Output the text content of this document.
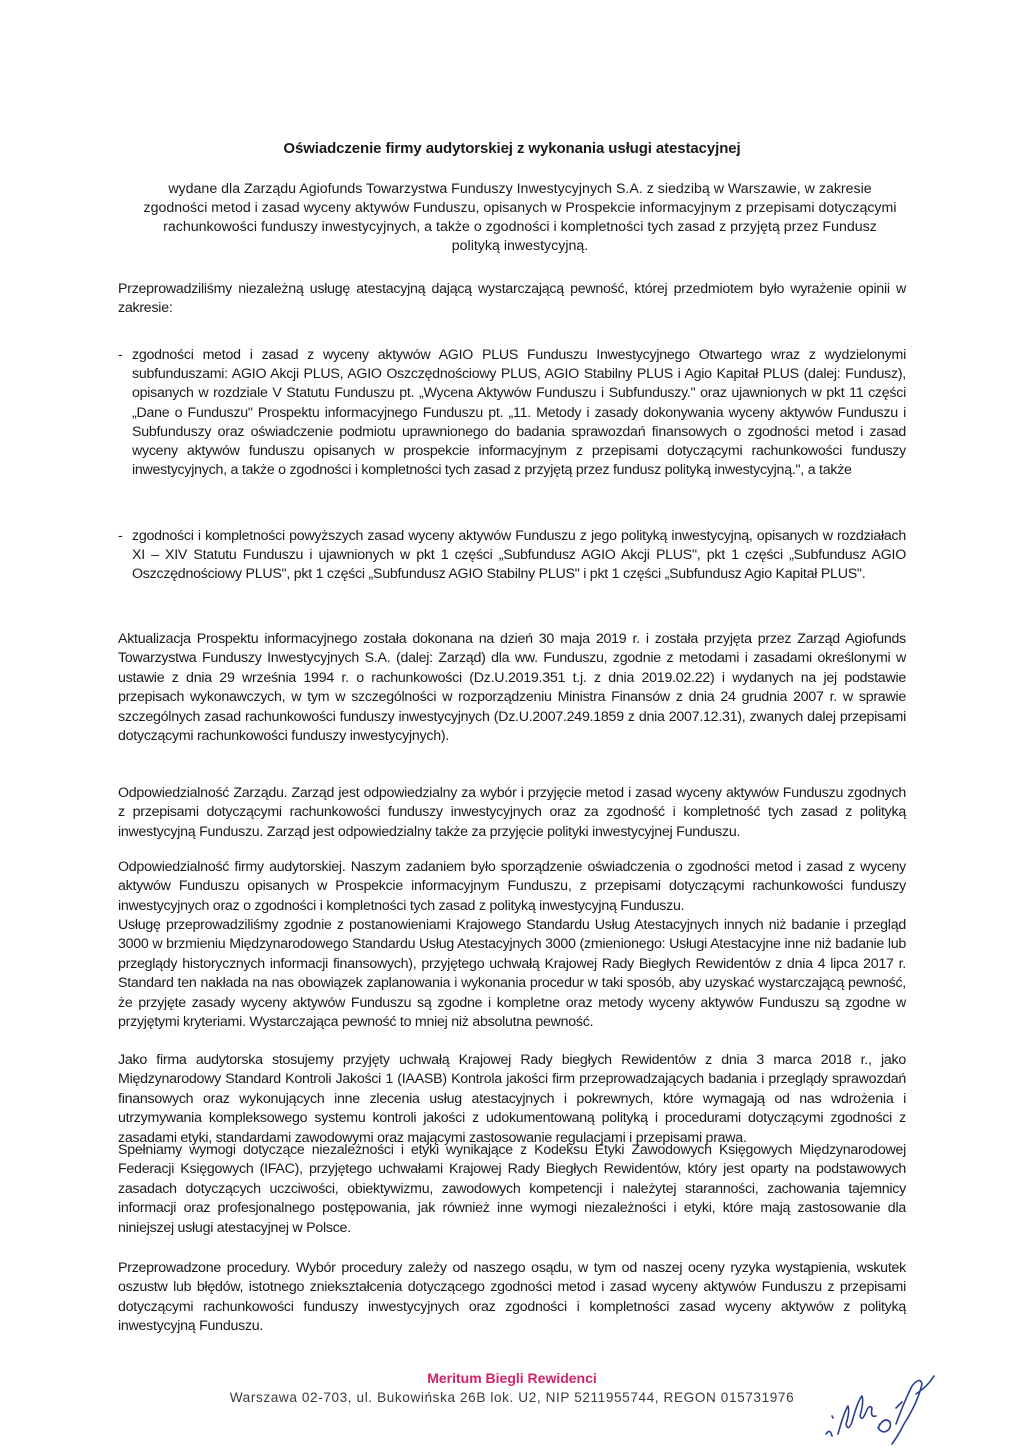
Oświadczenie firmy audytorskiej z wykonania usługi atestacyjnej
wydane dla Zarządu Agiofunds Towarzystwa Funduszy Inwestycyjnych S.A. z siedzibą w Warszawie, w zakresie zgodności metod i zasad wyceny aktywów Funduszu, opisanych w Prospekcie informacyjnym z przepisami dotyczącymi rachunkowości funduszy inwestycyjnych, a także o zgodności i kompletności tych zasad z przyjętą przez Fundusz polityką inwestycyjną.
Przeprowadziliśmy niezależną usługę atestacyjną dającą wystarczającą pewność, której przedmiotem było wyrażenie opinii w zakresie:
- zgodności metod i zasad z wyceny aktywów AGIO PLUS Funduszu Inwestycyjnego Otwartego wraz z wydzielonymi subfunduszami: AGIO Akcji PLUS, AGIO Oszczędnościowy PLUS, AGIO Stabilny PLUS i Agio Kapitał PLUS (dalej: Fundusz), opisanych w rozdziale V Statutu Funduszu pt. „Wycena Aktywów Funduszu i Subfunduszy." oraz ujawnionych w pkt 11 części „Dane o Funduszu" Prospektu informacyjnego Funduszu pt. „11. Metody i zasady dokonywania wyceny aktywów Funduszu i Subfunduszy oraz oświadczenie podmiotu uprawnionego do badania sprawozdań finansowych o zgodności metod i zasad wyceny aktywów funduszu opisanych w prospekcie informacyjnym z przepisami dotyczącymi rachunkowości funduszy inwestycyjnych, a także o zgodności i kompletności tych zasad z przyjętą przez fundusz polityką inwestycyjną.", a także
- zgodności i kompletności powyższych zasad wyceny aktywów Funduszu z jego polityką inwestycyjną, opisanych w rozdziałach XI – XIV Statutu Funduszu i ujawnionych w pkt 1 części „Subfundusz AGIO Akcji PLUS", pkt 1 części „Subfundusz AGIO Oszczędnościowy PLUS", pkt 1 części „Subfundusz AGIO Stabilny PLUS" i pkt 1 części „Subfundusz Agio Kapitał PLUS".
Aktualizacja Prospektu informacyjnego została dokonana na dzień 30 maja 2019 r. i została przyjęta przez Zarząd Agiofunds Towarzystwa Funduszy Inwestycyjnych S.A. (dalej: Zarząd) dla ww. Funduszu, zgodnie z metodami i zasadami określonymi w ustawie z dnia 29 września 1994 r. o rachunkowości (Dz.U.2019.351 t.j. z dnia 2019.02.22) i wydanych na jej podstawie przepisach wykonawczych, w tym w szczególności w rozporządzeniu Ministra Finansów z dnia 24 grudnia 2007 r. w sprawie szczególnych zasad rachunkowości funduszy inwestycyjnych (Dz.U.2007.249.1859 z dnia 2007.12.31), zwanych dalej przepisami dotyczącymi rachunkowości funduszy inwestycyjnych).
Odpowiedzialność Zarządu. Zarząd jest odpowiedzialny za wybór i przyjęcie metod i zasad wyceny aktywów Funduszu zgodnych z przepisami dotyczącymi rachunkowości funduszy inwestycyjnych oraz za zgodność i kompletność tych zasad z polityką inwestycyjną Funduszu. Zarząd jest odpowiedzialny także za przyjęcie polityki inwestycyjnej Funduszu.
Odpowiedzialność firmy audytorskiej. Naszym zadaniem było sporządzenie oświadczenia o zgodności metod i zasad z wyceny aktywów Funduszu opisanych w Prospekcie informacyjnym Funduszu, z przepisami dotyczącymi rachunkowości funduszy inwestycyjnych oraz o zgodności i kompletności tych zasad z polityką inwestycyjną Funduszu.
Usługę przeprowadziliśmy zgodnie z postanowieniami Krajowego Standardu Usług Atestacyjnych innych niż badanie i przegląd 3000 w brzmieniu Międzynarodowego Standardu Usług Atestacyjnych 3000 (zmienionego: Usługi Atestacyjne inne niż badanie lub przeglądy historycznych informacji finansowych), przyjętego uchwałą Krajowej Rady Biegłych Rewidentów z dnia 4 lipca 2017 r. Standard ten nakłada na nas obowiązek zaplanowania i wykonania procedur w taki sposób, aby uzyskać wystarczającą pewność, że przyjęte zasady wyceny aktywów Funduszu są zgodne i kompletne oraz metody wyceny aktywów Funduszu są zgodne w przyjętymi kryteriami. Wystarczająca pewność to mniej niż absolutna pewność.
Jako firma audytorska stosujemy przyjęty uchwałą Krajowej Rady biegłych Rewidentów z dnia 3 marca 2018 r., jako Międzynarodowy Standard Kontroli Jakości 1 (IAASB) Kontrola jakości firm przeprowadzających badania i przeglądy sprawozdań finansowych oraz wykonujących inne zlecenia usług atestacyjnych i pokrewnych, które wymagają od nas wdrożenia i utrzymywania kompleksowego systemu kontroli jakości z udokumentowaną polityką i procedurami dotyczącymi zgodności z zasadami etyki, standardami zawodowymi oraz mającymi zastosowanie regulacjami i przepisami prawa.
Spełniamy wymogi dotyczące niezależności i etyki wynikające z Kodeksu Etyki Zawodowych Księgowych Międzynarodowej Federacji Księgowych (IFAC), przyjętego uchwałami Krajowej Rady Biegłych Rewidentów, który jest oparty na podstawowych zasadach dotyczących uczciwości, obiektywizmu, zawodowych kompetencji i należytej staranności, zachowania tajemnicy informacji oraz profesjonalnego postępowania, jak również inne wymogi niezależności i etyki, które mają zastosowanie dla niniejszej usługi atestacyjnej w Polsce.
Przeprowadzone procedury. Wybór procedury zależy od naszego osądu, w tym od naszej oceny ryzyka wystąpienia, wskutek oszustw lub błędów, istotnego zniekształcenia dotyczącego zgodności metod i zasad wyceny aktywów Funduszu z przepisami dotyczącymi rachunkowości funduszy inwestycyjnych oraz zgodności i kompletności zasad wyceny aktywów z polityką inwestycyjną Funduszu.
Meritum Biegli Rewidenci
Warszawa 02-703, ul. Bukowińska 26B lok. U2, NIP 5211955744, REGON 015731976
